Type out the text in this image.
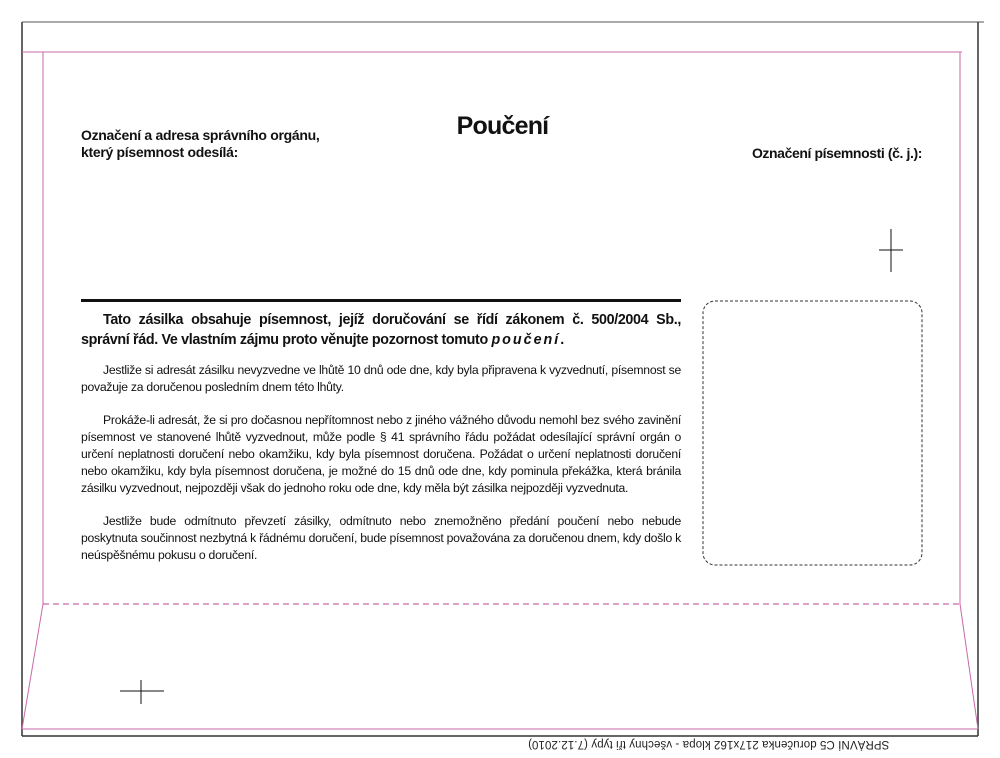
Označení a adresa správního orgánu,
který písemnost odesílá:
Poučení
Označení písemnosti (č. j.):

Tato zásilka obsahuje písemnost, jejíž doručování se řídí zákonem č. 500/2004 Sb., správní řád. Ve vlastním zájmu proto věnujte pozornost tomuto poučení.

Jestliže si adresát zásilku nevyzvedne ve lhůtě 10 dnů ode dne, kdy byla připravena k vyzvednutí, písemnost se považuje za doručenou posledním dnem této lhůty.

Prokáže-li adresát, že si pro dočasnou nepřítomnost nebo z jiného vážného důvodu nemohl bez svého zavinění písemnost ve stanovené lhůtě vyzvednout, může podle § 41 správního řádu požádat odesílající správní orgán o určení neplatnosti doručení nebo okamžiku, kdy byla písemnost doručena. Požádat o určení neplatnosti doručení nebo okamžiku, kdy byla písemnost doručena, je možné do 15 dnů ode dne, kdy pominula překážka, která bránila zásilku vyzvednout, nejpozději však do jednoho roku ode dne, kdy měla být zásilka nejpozději vyzvednuta.

Jestliže bude odmítnuto převzetí zásilky, odmítnuto nebo znemožněno předání poučení nebo nebude poskytnuta součinnost nezbytná k řádnému doručení, bude písemnost považována za doručenou dnem, kdy došlo k neúspěšnému pokusu o doručení.

SPRÁVNÍ C5 doručenka 217x162 klopa - všechny tři typy (7.12.2010)
